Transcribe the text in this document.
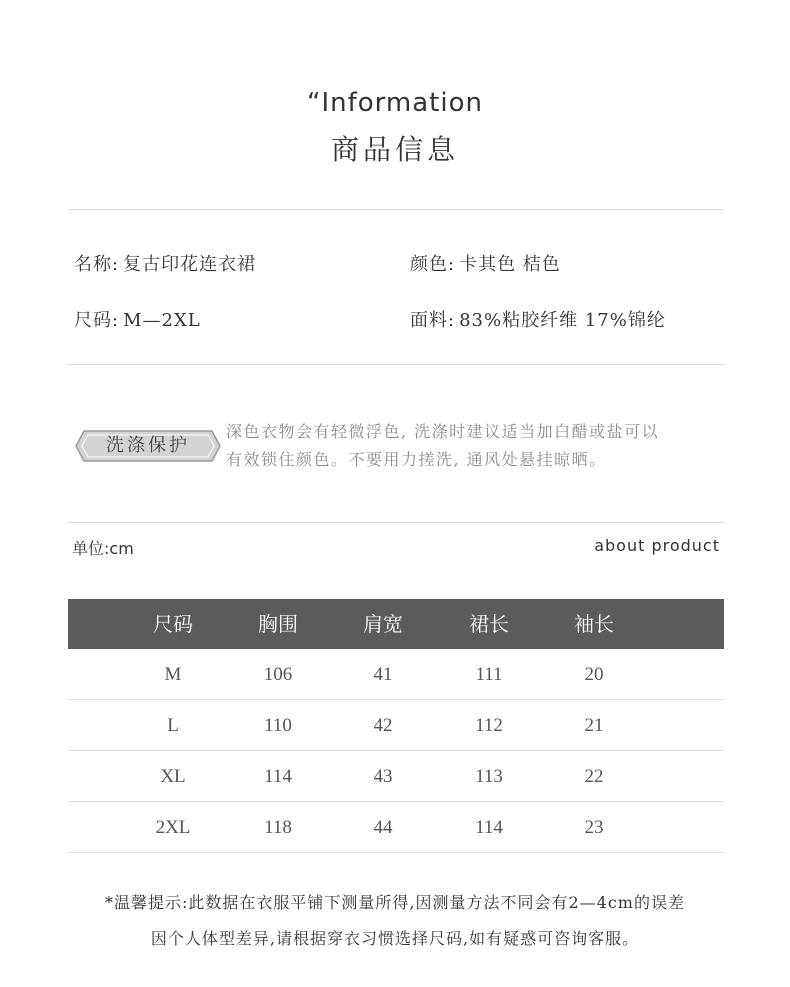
“Information
商品信息
名称: 复古印花连衣裙	颜色: 卡其色 桔色
尺码: M—2XL	面料: 83%粘胶纤维 17%锦纶
洗涤保护
深色衣物会有轻微浮色, 洗涤时建议适当加白醋或盐可以
有效锁住颜色。不要用力搓洗, 通风处悬挂晾晒。
单位:cm	about product
尺码	胸围	肩宽	裙长	袖长
M	106	41	111	20
L	110	42	112	21
XL	114	43	113	22
2XL	118	44	114	23
*温馨提示:此数据在衣服平铺下测量所得,因测量方法不同会有2—4cm的误差
因个人体型差异,请根据穿衣习惯选择尺码,如有疑惑可咨询客服。
